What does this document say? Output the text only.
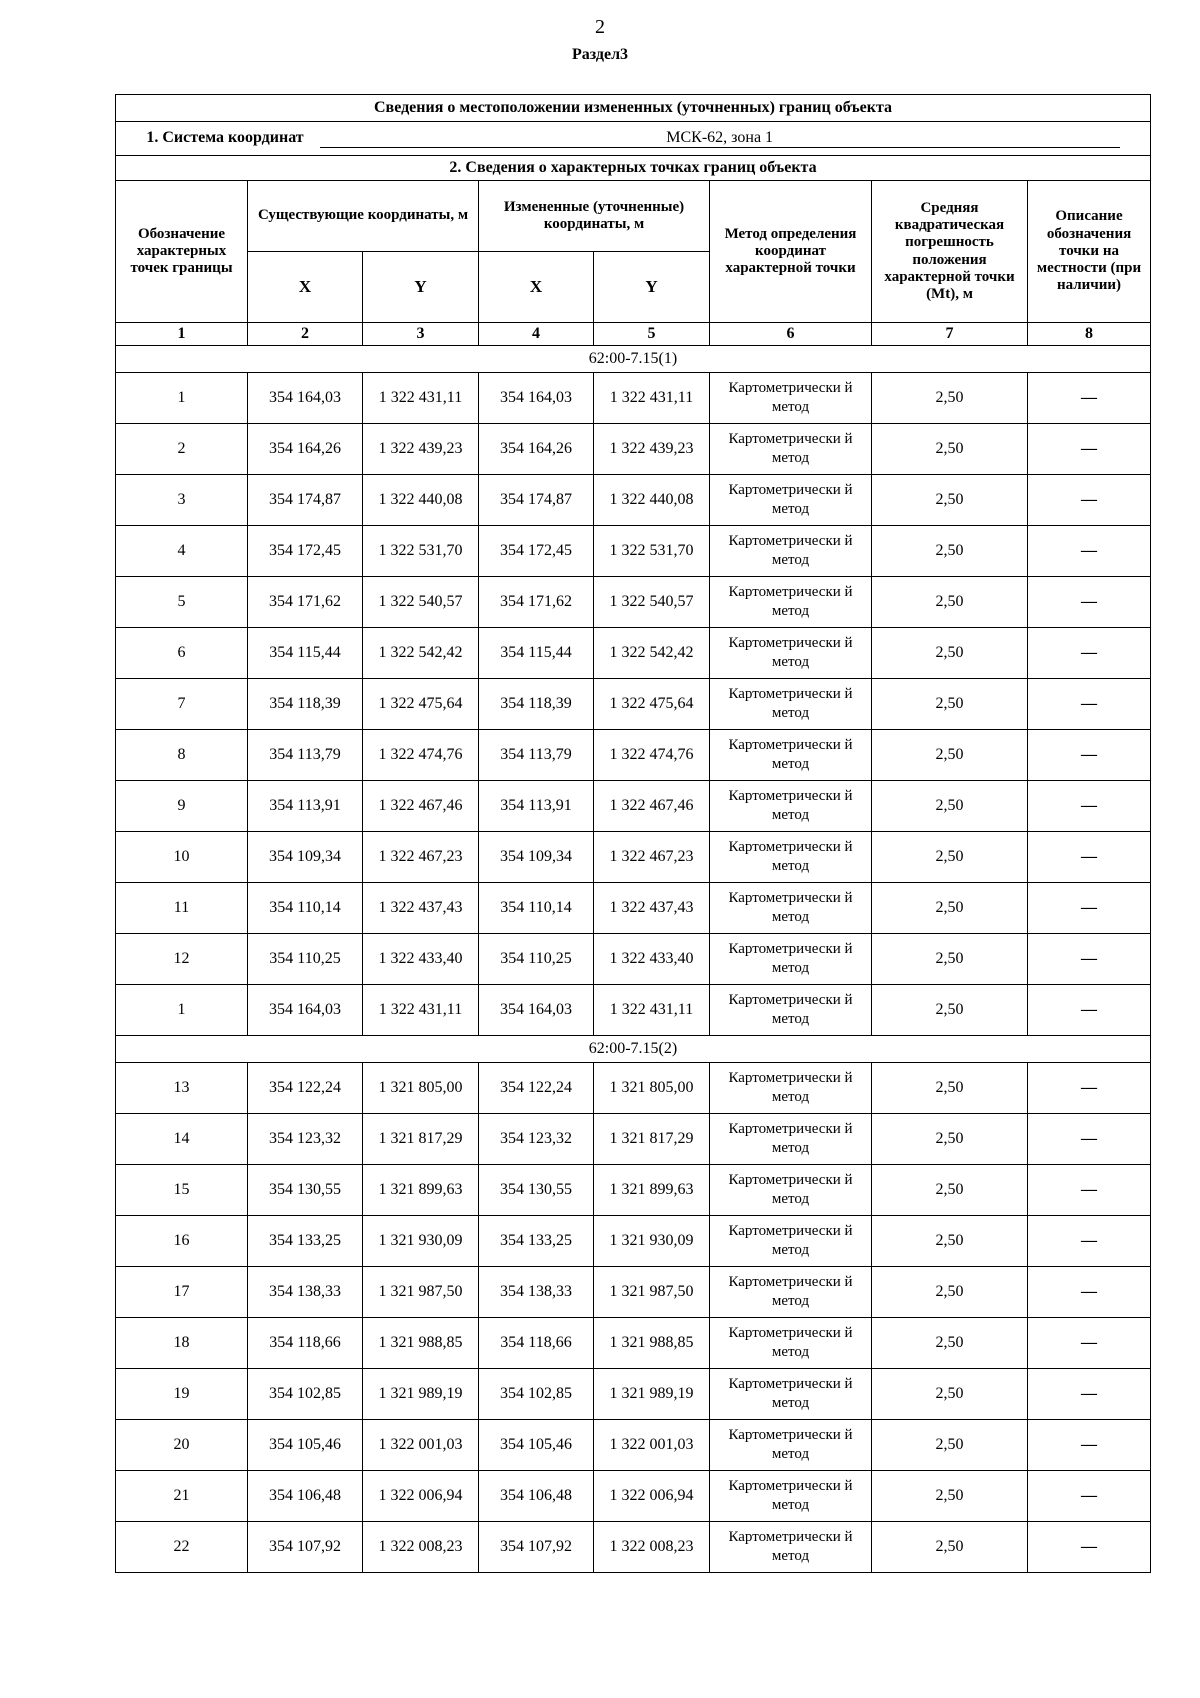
2
Раздел3
Сведения о местоположении измененных (уточненных) границ объекта							
1. Система координат МСК-62, зона 1							
2. Сведения о характерных точках границ объекта							
Обозначение характерных точек границы	Существующие координаты, м		Измененные (уточненные) координаты, м		Метод определения координат характерной точки	Средняя квадратическая погрешность положения характерной точки (Mt), м	Описание обозначения точки на местности (при наличии)
	X	Y	X	Y			
1	2	3	4	5	6	7	8
62:00-7.15(1)							
1	354 164,03	1 322 431,11	354 164,03	1 322 431,11	Картометрически й метод	2,50	—
2	354 164,26	1 322 439,23	354 164,26	1 322 439,23	Картометрически й метод	2,50	—
3	354 174,87	1 322 440,08	354 174,87	1 322 440,08	Картометрически й метод	2,50	—
4	354 172,45	1 322 531,70	354 172,45	1 322 531,70	Картометрически й метод	2,50	—
5	354 171,62	1 322 540,57	354 171,62	1 322 540,57	Картометрически й метод	2,50	—
6	354 115,44	1 322 542,42	354 115,44	1 322 542,42	Картометрически й метод	2,50	—
7	354 118,39	1 322 475,64	354 118,39	1 322 475,64	Картометрически й метод	2,50	—
8	354 113,79	1 322 474,76	354 113,79	1 322 474,76	Картометрически й метод	2,50	—
9	354 113,91	1 322 467,46	354 113,91	1 322 467,46	Картометрически й метод	2,50	—
10	354 109,34	1 322 467,23	354 109,34	1 322 467,23	Картометрически й метод	2,50	—
11	354 110,14	1 322 437,43	354 110,14	1 322 437,43	Картометрически й метод	2,50	—
12	354 110,25	1 322 433,40	354 110,25	1 322 433,40	Картометрически й метод	2,50	—
1	354 164,03	1 322 431,11	354 164,03	1 322 431,11	Картометрически й метод	2,50	—
62:00-7.15(2)							
13	354 122,24	1 321 805,00	354 122,24	1 321 805,00	Картометрически й метод	2,50	—
14	354 123,32	1 321 817,29	354 123,32	1 321 817,29	Картометрически й метод	2,50	—
15	354 130,55	1 321 899,63	354 130,55	1 321 899,63	Картометрически й метод	2,50	—
16	354 133,25	1 321 930,09	354 133,25	1 321 930,09	Картометрически й метод	2,50	—
17	354 138,33	1 321 987,50	354 138,33	1 321 987,50	Картометрически й метод	2,50	—
18	354 118,66	1 321 988,85	354 118,66	1 321 988,85	Картометрически й метод	2,50	—
19	354 102,85	1 321 989,19	354 102,85	1 321 989,19	Картометрически й метод	2,50	—
20	354 105,46	1 322 001,03	354 105,46	1 322 001,03	Картометрически й метод	2,50	—
21	354 106,48	1 322 006,94	354 106,48	1 322 006,94	Картометрически й метод	2,50	—
22	354 107,92	1 322 008,23	354 107,92	1 322 008,23	Картометрически й метод	2,50	—
